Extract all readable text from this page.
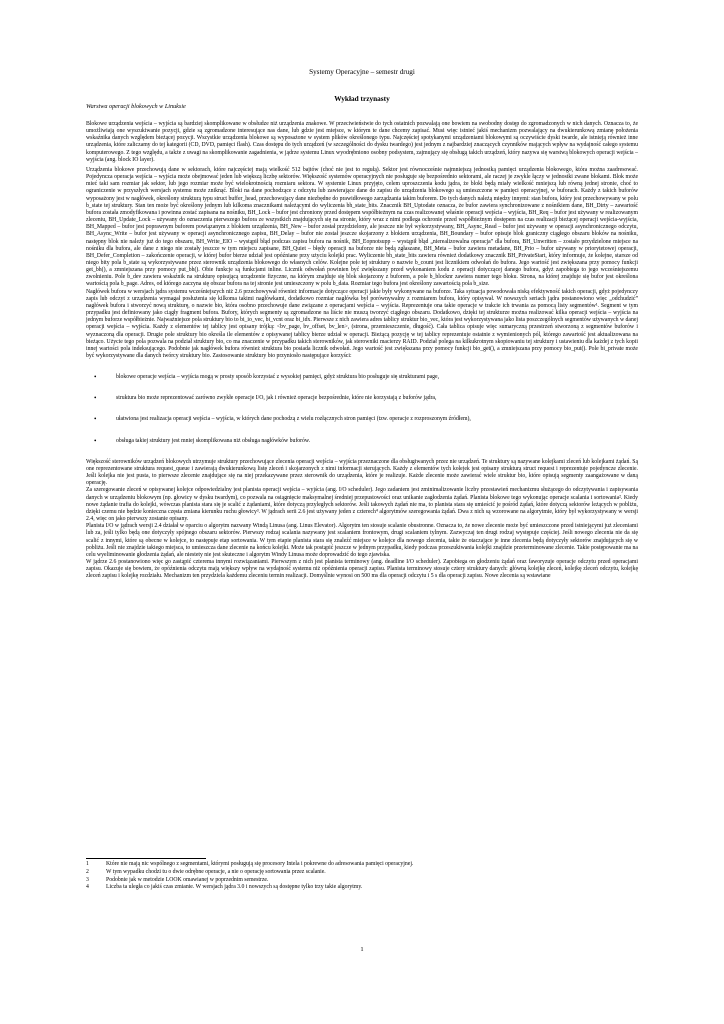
Systemy Operacyjne – semestr drugi
Wykład trzynasty
Warstwa operacji blokowych w Linuksie

Blokowe urządzenia wejścia – wyjścia są bardziej skomplikowane w obsłudze niż urządzenia znakowe. W przeciwieństwie do tych ostatnich pozwalają one bowiem na swobodny dostęp do zgromadzonych w nich danych. Oznacza to, że umożliwiają one wyszukiwanie pozycji, gdzie są zgromadzone interesujące nas dane, lub gdzie jest miejsce, w którym te dane chcemy zapisać. Musi więc istnieć jakiś mechanizm pozwalający na dwukierunkową zmianę położenia wskaźnika danych względem bieżącej pozycji. Wszystkie urządzenia blokowe są wyposażone w system plików określonego typu. Najczęściej spotykanymi urządzeniami blokowymi są oczywiście dyski twarde, ale istnieją również inne urządzenia, które zaliczamy do tej kategorii (CD, DVD, pamięci flash). Czas dostępu do tych urządzeń (w szczególności do dysku twardego) jest jednym z najbardziej znaczących czynników mających wpływ na wydajność całego systemu komputerowego. Z tego względu, a także z uwagi na skomplikowanie zagadnienia, w jądrze systemu Linux wyodrębniono osobny podsystem, zajmujący się obsługą takich urządzeń, który nazywa się warstwą blokowych operacji wejścia – wyjścia (ang. block IO layer).

Urządzenia blokowe przechowują dane w sektorach, które najczęściej mają wielkość 512 bajtów (choć nie jest to regułą). Sektor jest równocześnie najmniejszą jednostką pamięci urządzenia blokowego, która można zaadresować. Pojedyncza operacja wejścia – wyjścia może obejmować jeden lub większą liczbę sektorów. Większość systemów operacyjnych nie posługuje się bezpośrednio sektorami, ale raczej je zwykle łączy w jednostki zwane blokami. Blok może mieć taki sam rozmiar jak sektor, lub jego rozmiar może być wielokrotnością rozmiaru sektora. W systemie Linux przyjęto, celem uproszczenia kodu jądra, że bloki będą miały wielkość mniejszą lub równą jednej stronie, choć to ograniczenie w przyszłych wersjach systemu może zniknąć. Bloki na dane pochodzące z odczytu lub zawierające dane do zapisu do urządzenia blokowego są umieszczone w pamięci operacyjnej, w buforach. Każdy z takich buforów wyposażony jest w nagłówek, określony strukturą typu struct buffer_head, przechowujący dane niezbędne do prawidłowego zarządzania takim buforem. Do tych danych należą między innymi: stan bufora, który jest przechowywany w polu b_state tej struktury. Stan ten może być określony jednym lub kilkoma znacznikami należącymi do wyliczenia bh_state_bits. Znacznik BH_Uptodate oznacza, że bufor zawiera synchronizowane z nośnikiem dane, BH_Dirty – zawartość bufora została zmodyfikowana i powinna zostać zapisana na nośniku, BH_Lock – bufor jest chroniony przed dostępem współbieżnym na czas realizowanej właśnie operacji wejścia – wyjścia, BH_Req – bufor jest używany w realizowanym zleceniu, BH_Update_Lock – używany do oznaczenia pierwszego bufora ze wszystkich znajdujących się na stronie, który wraz z nimi podlega ochronie przed współbieżnym dostępem na czas realizacji bieżącej operacji wejścia-wyjścia, BH_Mapped – bufor jest poprawnym buforem powiązanym z blokiem urządzenia, BH_New – bufor został przydzielony, ale jeszcze nie był wykorzystywany, BH_Async_Read – bufor jest używany w operacji asynchronicznego odczytu, BH_Async_Write – bufor jest używany w operacji asynchronicznego zapisu, BH_Delay – bufor nie został jeszcze skojarzony z blokiem urządzenia, BH_Boundary – bufor opisuje blok graniczny ciągłego obszaru bloków na nośniku, następny blok nie należy już do tego obszaru, BH_Write_EIO – wystąpił błąd podczas zapisu bufora na nośnik, BH_Eopnotsupp – wystąpił błąd „nierealizowalna operacja” dla bufora, BH_Unwritten – zostało przydzielone miejsce na nośniku dla bufora, ale dane z niego nie zostały jeszcze w tym miejscu zapisane, BH_Quiet – błędy operacji na buforze nie będą zgłaszane, BH_Meta – bufor zawiera metadane, BH_Prio – bufor używany w priorytetowej operacji, BH_Defer_Completion – zakończenie operacji, w której bufor bierze udział jest opóźniane przy użyciu kolejki prac. Wyliczenie bh_state_bits zawiera również dodatkowy znacznik BH_PrivateStart, który informuje, że kolejne, starsze od niego bity pola b_state są wykorzystywane przez sterownik urządzenia blokowego do własnych celów. Kolejne pole tej struktury o nazwie b_count jest licznikiem odwołań do bufora. Jego wartość jest zwiększana przy pomocy funkcji get_bh(), a zmniejszana przy pomocy put_bh(). Obie funkcje są funkcjami inline. Licznik odwołań powinien być zwiększany przed wykonaniem kodu z operacji dotyczącej danego bufora, gdyż zapobiega to jego wcześniejszemu zwolnieniu. Pole b_dev zawiera wskaźnik na strukturę opisującą urządzenie fizyczne, na którym znajduje się blok skojarzony z buforem, a pole b_blocknr zawiera numer tego bloku. Strona, na której znajduje się bufor jest określona wartością pola b_page. Adres, od którego zaczyna się obszar bufora na tej stronie jest umieszczony w polu b_data. Rozmiar tego bufora jest określony zawartością pola b_size.

Nagłówek bufora w wersjach jądra systemu wcześniejszych niż 2.6 przechowywał również informacje dotyczące operacji jakie były wykonywane na buforze. Taka sytuacja powodowała niską efektywność takich operacji, gdyż pojedynczy zapis lub odczyt z urządzenia wymagał posłużenia się kilkoma takimi nagłówkami, dodatkowo rozmiar nagłówka był porównywalny z rozmiarem bufora, który opisywał. W nowszych seriach jądra postanowiono więc „odchudzić” nagłówek bufora i stworzyć nową strukturę, o nazwie bio, która osobno przechowuje dane związane z operacjami wejścia – wyjścia. Reprezentuje ona takie operacje w trakcie ich trwania za pomocą listy segmentów¹. Segment w tym przypadku jest definiowany jako ciągły fragment bufora. Bufory, których segmenty są zgromadzone na liście nie muszą tworzyć ciągłego obszaru. Dodatkowo, dzięki tej strukturze można realizować kilka operacji wejścia – wyjścia na jednym buforze współbieżnie. Najważniejsze pola struktury bio to bi_io_vec, bi_vcnt oraz bi_idx. Pierwsze z nich zawiera adres tablicy struktur bio_vec, która jest wykorzystywana jako lista poszczególnych segmentów używanych w danej operacji wejścia – wyjścia. Każdy z elementów tej tablicy jest opisany trójką: <bv_page, bv_offset, bv_len>, (strona, przemieszczenie, długość). Cała tablica opisuje więc sumaryczną przestrzeń stworzoną z segmentów buforów i wyznaczoną dla operacji. Drugie pole struktury bio określa ile elementów z opisywanej tablicy bierze udział w operacji. Bieżącą pozycję w tej tablicy reprezentuje ostatnie z wymienionych pól, którego zawartość jest aktualizowana na bieżąco. Użycie tego pola pozwala na podział struktury bio, co ma znaczenie w przypadku takich sterowników, jak sterowniki macierzy RAID. Podział polega na kilkukrotnym skopiowaniu tej struktury i ustawieniu dla każdej z tych kopii innej wartości pola indeksującego. Podobnie jak nagłówek bufora również struktura bio posiada licznik odwołań. Jego wartość jest zwiększana przy pomocy funkcji bio_get(), a zmniejszana przy pomocy bio_put(). Pole bi_private może być wykorzystywane dla danych twórcy struktury bio. Zastosowanie struktury bio przyniosło następujące korzyści:

•	blokowe operacje wejścia – wyjścia mogą w prosty sposób korzystać z wysokiej pamięci, gdyż struktura bio posługuje się strukturami page,
•	struktura bio może reprezentować zarówno zwykłe operacje I/O, jak i również operacje bezpośrednie, które nie korzystają z buforów jądra,
•	ułatwiona jest realizacja operacji wejścia – wyjścia, w których dane pochodzą z wielu rozłącznych stron pamięci (tzw. operacje z rozproszonym źródłem),
•	obsługa takiej struktury jest mniej skomplikowana niż obsługa nagłówków buforów.

Większość sterowników urządzeń blokowych utrzymuje struktury przechowujące zlecenia operacji wejścia – wyjścia przeznaczone dla obsługiwanych przez nie urządzeń. Te struktury są nazywane kolejkami zleceń lub kolejkami żądań. Są one reprezentowane struktura request_queue i zawierają dwukierunkową listę zleceń i skojarzonych z nimi informacji sterujących. Każdy z elementów tych kolejek jest opisany strukturą struct request i reprezentuje pojedyncze zlecenie. Jeśli kolejka nie jest pusta, to pierwsze zlecenie znajdujące się na niej przekazywane przez sterownik do urządzenia, które je realizuje. Każde zlecenie może zawierać wiele struktur bio, które opisują segmenty zaangażowane w daną operację.

Za szeregowanie zleceń w opisywanej kolejce odpowiedzialny jest planista operacji wejścia – wyjścia (ang. I/O scheduler). Jego zadaniem jest zminimalizowanie liczby przestawień mechanizmu służącego do odczytywania i zapisywania danych w urządzeniu blokowym (np. głowicy w dysku twardym), co pozwala na osiągnięcie maksymalnej średniej przepustowości oraz unikanie zagłodzenia żądań. Planista blokowe tego wykonując operacje scalania i sortowania². Kiedy nowe żądanie trafia do kolejki, wówczas planista stara się je scalić z żądaniami, które dotyczą przyległych sektorów. Jeśli takowych żądań nie ma, to planista stara się umieścić je pośród żądań, które dotyczą sektorów leżących w pobliżu, dzięki czemu nie będzie konieczna częsta zmiana kierunku ruchu głowicy³. W jądrach serii 2.6 jest używany jeden z czterech⁴ algorytmów szeregowania żądań. Dwa z nich są wzorowane na algorytmie, który był wykorzystywany w wersji 2.4, więc on jako pierwszy zostanie opisany.

Planista I/O w jądrach wersji 2.4 działał w oparciu o algorytm nazwany Windą Linusa (ang. Linus Elevator). Algorytm ten stosuje scalanie obustronne. Oznacza to, że nowe zlecenie może być umieszczone przed istniejącymi już zleceniami lub za, jeśli tylko będą one dotyczyły spójnego obszaru sektorów. Pierwszy rodzaj scalania nazywany jest scalaniem frontowym, drugi scalaniem tylnym. Zazwyczaj ten drugi rodzaj występuje częściej. Jeśli nowego zlecenia nie da się scalić z innymi, które są obecne w kolejce, to następuje etap sortowania. W tym etapie planista stara się znaleźć miejsce w kolejce dla nowego zlecenia, takie że otaczające je inne zlecenia będą dotyczyły sektorów znajdujących się w pobliżu. Jeśli nie znajdzie takiego miejsca, to umieszcza dane zlecenie na końcu kolejki. Może tak postąpić jeszcze w jednym przypadku, kiedy podczas przeszukiwania kolejki znajdzie przeterminowane zlecenie. Takie postępowanie ma na celu wyeliminowanie głodzenia żądań, ale niestety nie jest skuteczne i algorytm Windy Linusa może doprowadzić do tego zjawiska.

W jądrze 2.6 postanowiono więc go zastąpić czterema innymi rozwiązaniami. Pierwszym z nich jest planista terminowy (ang. deadline I/O scheduler). Zapobiega on głodzeniu żądań oraz faworyzuje operacje odczytu przed operacjami zapisu. Okazuje się bowiem, że opóźnienia odczytu mają większy wpływ na wydajność systemu niż opóźnienia operacji zapisu. Planista terminowy stosuje cztery struktury danych: główną kolejkę zleceń, kolejkę zleceń odczytu, kolejkę zleceń zapisu i kolejkę rozdziału. Mechanizm ten przydziela każdemu zleceniu termin realizacji. Domyślnie wynosi on 500 ms dla operacji odczytu i 5 s dla operacji zapisu. Nowe zlecenia są wstawiane

1	Które nie mają nic wspólnego z segmentami, którymi posługują się procesory Intela i pokrewne do adresowania pamięci operacyjnej.
2	W tym wypadku chodzi tu o dwie odrębne operacje, a nie o operację sortowania przez scalanie.
3	Podobnie jak w metodzie LOOK omawianej w poprzednim semestrze.
4	Liczba ta uległa co jakiś czas zmianie. W wersjach jądra 3.0 i nowszych są dostępne tylko trzy takie algorytmy.
1
